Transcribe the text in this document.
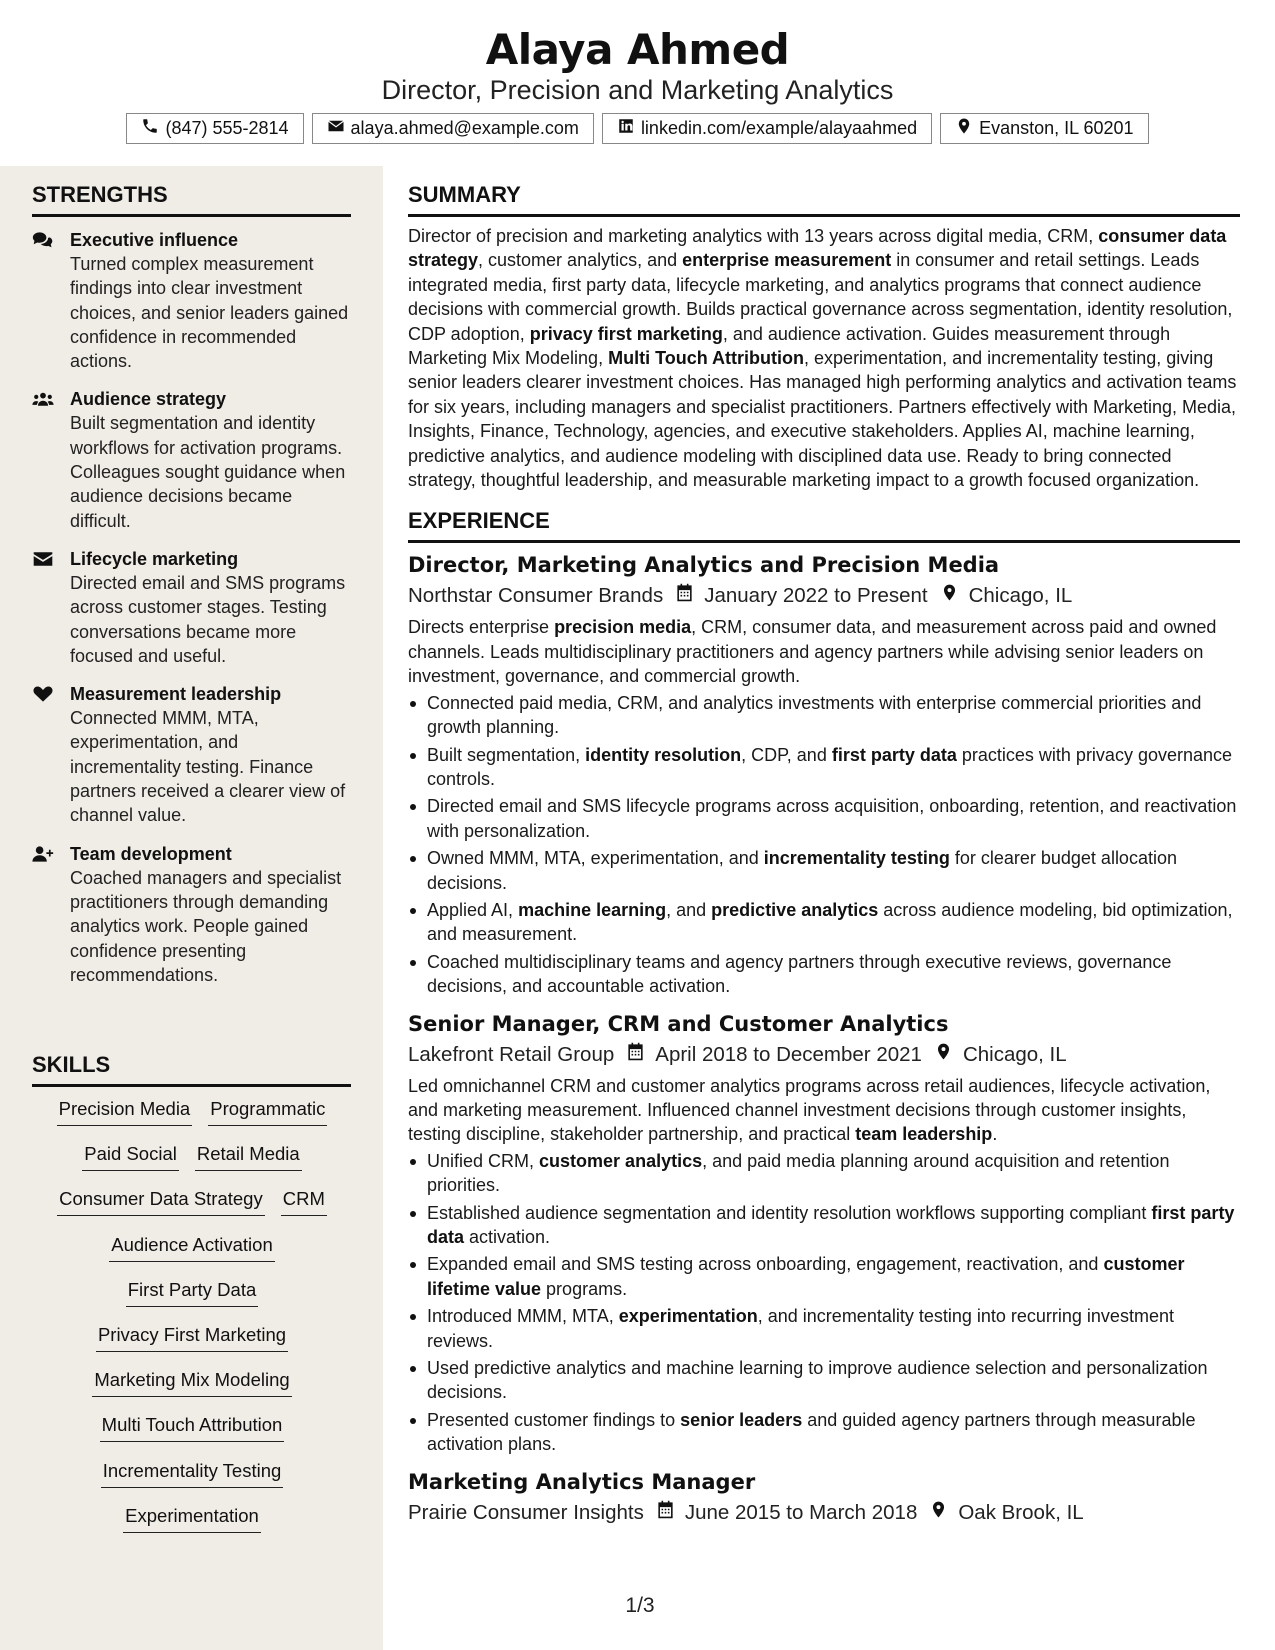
Alaya Ahmed
Director, Precision and Marketing Analytics
(847) 555-2814	alaya.ahmed@example.com	linkedin.com/example/alayaahmed	Evanston, IL 60201
STRENGTHS
Executive influence
Turned complex measurement findings into clear investment choices, and senior leaders gained confidence in recommended actions.
Audience strategy
Built segmentation and identity workflows for activation programs. Colleagues sought guidance when audience decisions became difficult.
Lifecycle marketing
Directed email and SMS programs across customer stages. Testing conversations became more focused and useful.
Measurement leadership
Connected MMM, MTA, experimentation, and incrementality testing. Finance partners received a clearer view of channel value.
Team development
Coached managers and specialist practitioners through demanding analytics work. People gained confidence presenting recommendations.
SKILLS
Precision Media Programmatic
Paid Social Retail Media
Consumer Data Strategy CRM
Audience Activation
First Party Data
Privacy First Marketing
Marketing Mix Modeling
Multi Touch Attribution
Incrementality Testing
Experimentation
SUMMARY
Director of precision and marketing analytics with 13 years across digital media, CRM, consumer data strategy, customer analytics, and enterprise measurement in consumer and retail settings. Leads integrated media, first party data, lifecycle marketing, and analytics programs that connect audience decisions with commercial growth. Builds practical governance across segmentation, identity resolution, CDP adoption, privacy first marketing, and audience activation. Guides measurement through Marketing Mix Modeling, Multi Touch Attribution, experimentation, and incrementality testing, giving senior leaders clearer investment choices. Has managed high performing analytics and activation teams for six years, including managers and specialist practitioners. Partners effectively with Marketing, Media, Insights, Finance, Technology, agencies, and executive stakeholders. Applies AI, machine learning, predictive analytics, and audience modeling with disciplined data use. Ready to bring connected strategy, thoughtful leadership, and measurable marketing impact to a growth focused organization.
EXPERIENCE
Director, Marketing Analytics and Precision Media
Northstar Consumer Brands January 2022 to Present Chicago, IL
Directs enterprise precision media, CRM, consumer data, and measurement across paid and owned channels. Leads multidisciplinary practitioners and agency partners while advising senior leaders on investment, governance, and commercial growth.
Connected paid media, CRM, and analytics investments with enterprise commercial priorities and growth planning.
Built segmentation, identity resolution, CDP, and first party data practices with privacy governance controls.
Directed email and SMS lifecycle programs across acquisition, onboarding, retention, and reactivation with personalization.
Owned MMM, MTA, experimentation, and incrementality testing for clearer budget allocation decisions.
Applied AI, machine learning, and predictive analytics across audience modeling, bid optimization, and measurement.
Coached multidisciplinary teams and agency partners through executive reviews, governance decisions, and accountable activation.
Senior Manager, CRM and Customer Analytics
Lakefront Retail Group April 2018 to December 2021 Chicago, IL
Led omnichannel CRM and customer analytics programs across retail audiences, lifecycle activation, and marketing measurement. Influenced channel investment decisions through customer insights, testing discipline, stakeholder partnership, and practical team leadership.
Unified CRM, customer analytics, and paid media planning around acquisition and retention priorities.
Established audience segmentation and identity resolution workflows supporting compliant first party data activation.
Expanded email and SMS testing across onboarding, engagement, reactivation, and customer lifetime value programs.
Introduced MMM, MTA, experimentation, and incrementality testing into recurring investment reviews.
Used predictive analytics and machine learning to improve audience selection and personalization decisions.
Presented customer findings to senior leaders and guided agency partners through measurable activation plans.
Marketing Analytics Manager
Prairie Consumer Insights June 2015 to March 2018 Oak Brook, IL
1/3
